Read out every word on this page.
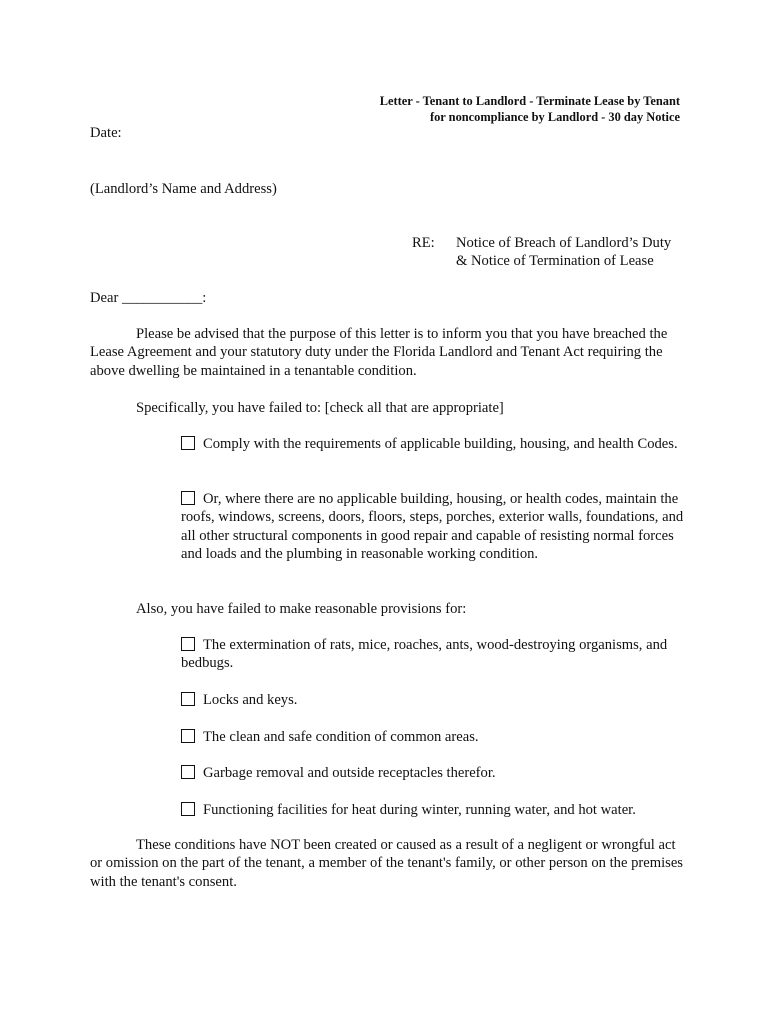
Letter - Tenant to Landlord - Terminate Lease by Tenant
for noncompliance by Landlord - 30 day Notice
Date:
(Landlord’s Name and Address)
RE: Notice of Breach of Landlord’s Duty
& Notice of Termination of Lease
Dear ___________:
Please be advised that the purpose of this letter is to inform you that you have breached the Lease Agreement and your statutory duty under the Florida Landlord and Tenant Act requiring the above dwelling be maintained in a tenantable condition.
Specifically, you have failed to: [check all that are appropriate]
Comply with the requirements of applicable building, housing, and health Codes.
Or, where there are no applicable building, housing, or health codes, maintain the roofs, windows, screens, doors, floors, steps, porches, exterior walls, foundations, and all other structural components in good repair and capable of resisting normal forces and loads and the plumbing in reasonable working condition.
Also, you have failed to make reasonable provisions for:
The extermination of rats, mice, roaches, ants, wood-destroying organisms, and bedbugs.
Locks and keys.
The clean and safe condition of common areas.
Garbage removal and outside receptacles therefor.
Functioning facilities for heat during winter, running water, and hot water.
These conditions have NOT been created or caused as a result of a negligent or wrongful act or omission on the part of the tenant, a member of the tenant's family, or other person on the premises with the tenant's consent.
